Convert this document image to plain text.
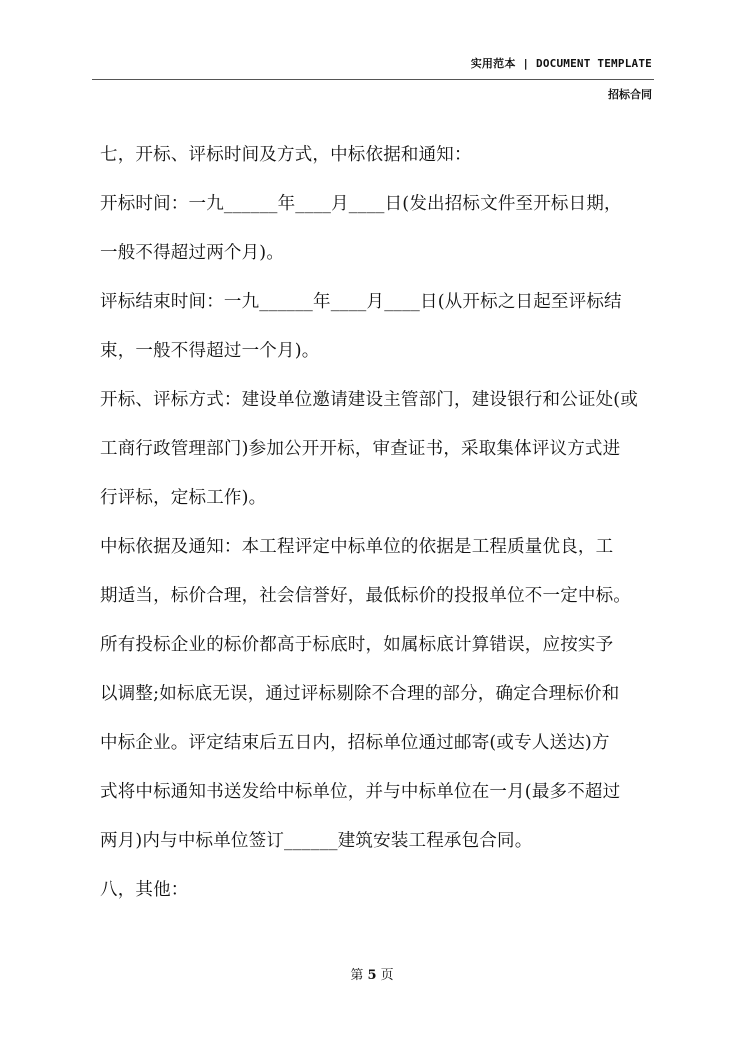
实用范本 | DOCUMENT TEMPLATE
招标合同
七，开标、评标时间及方式，中标依据和通知：
开标时间：一九______年____月____日(发出招标文件至开标日期，
一般不得超过两个月)。
评标结束时间：一九______年____月____日(从开标之日起至评标结
束，一般不得超过一个月)。
开标、评标方式：建设单位邀请建设主管部门，建设银行和公证处(或
工商行政管理部门)参加公开开标，审查证书，采取集体评议方式进
行评标，定标工作)。
中标依据及通知：本工程评定中标单位的依据是工程质量优良，工
期适当，标价合理，社会信誉好，最低标价的投报单位不一定中标。
所有投标企业的标价都高于标底时，如属标底计算错误，应按实予
以调整;如标底无误，通过评标剔除不合理的部分，确定合理标价和
中标企业。评定结束后五日内，招标单位通过邮寄(或专人送达)方
式将中标通知书送发给中标单位，并与中标单位在一月(最多不超过
两月)内与中标单位签订______建筑安装工程承包合同。
八，其他：
第 5 页
